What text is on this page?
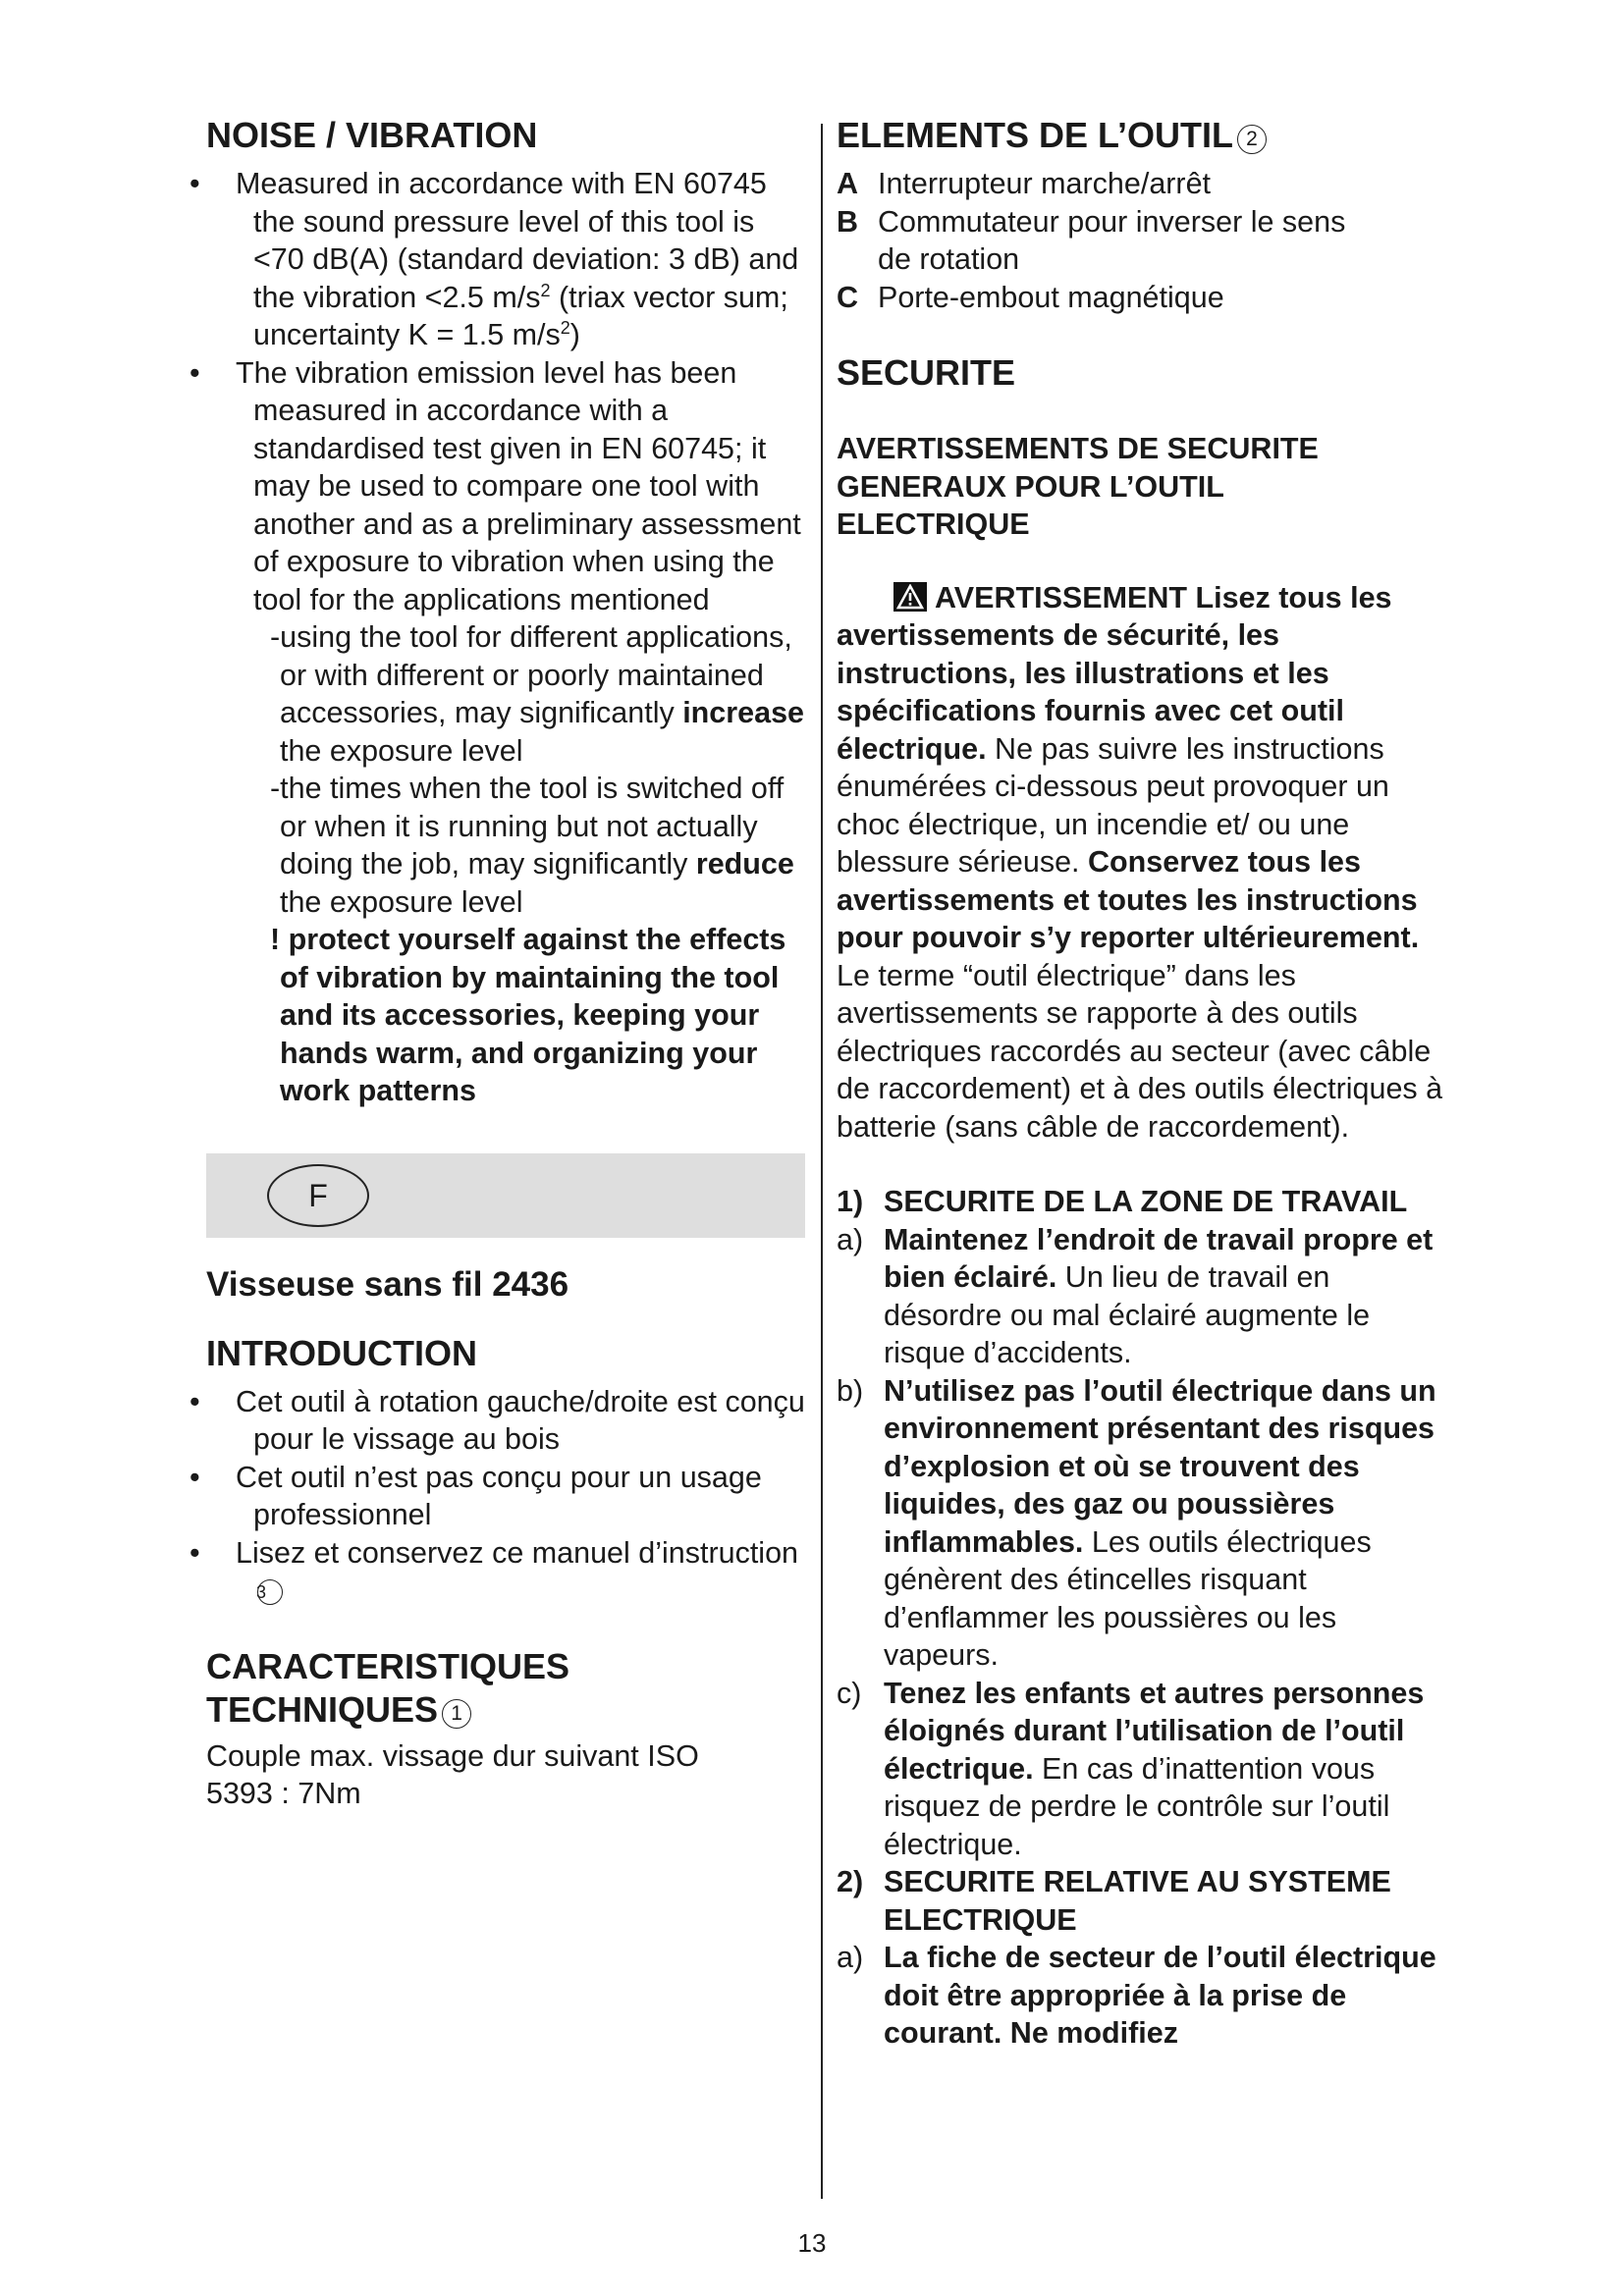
NOISE / VIBRATION

• Measured in accordance with EN 60745 the sound pressure level of this tool is <70 dB(A) (standard deviation: 3 dB) and the vibration <2.5 $m/s^2$ (triax vector sum; uncertainty K = 1.5 $m/s^2$)

• The vibration emission level has been measured in accordance with a standardised test given in EN 60745; it may be used to compare one tool with another and as a preliminary assessment of exposure to vibration when using the tool for the applications mentioned

-using the tool for different applications, or with different or poorly maintained accessories, may significantly increase the exposure level

-the times when the tool is switched off or when it is running but not actually doing the job, may significantly reduce the exposure level

! protect yourself against the effects of vibration by maintaining the tool and its accessories, keeping your hands warm, and organizing your work patterns

F

Visseuse sans fil 2436

INTRODUCTION

• Cet outil à rotation gauche/droite est conçu pour le vissage au bois

• Cet outil n’est pas conçu pour un usage professionnel

• Lisez et conservez ce manuel d’instruction3

CARACTERISTIQUES

TECHNIQUES 1

Couple max. vissage dur suivant ISO 5393 : 7Nm

ELEMENTS DE L’OUTIL 2

A Interrupteur marche/arrêt

B Commutateur pour inverser le sens de rotation

C Porte-embout magnétique

SECURITE

AVERTISSEMENTS DE SECURITE GENERAUX POUR L’OUTIL ELECTRIQUE

AVERTISSEMENT Lisez tous les avertissements de sécurité, les instructions, les illustrations et les spécifications fournis avec cet outil électrique. Ne pas suivre les instructions énumérées ci-dessous peut provoquer un choc électrique, un incendie et/ ou une blessure sérieuse. Conservez tous les avertissements et toutes les instructions pour pouvoir s’y reporter ultérieurement. Le terme “outil électrique” dans les avertissements se rapporte à des outils électriques raccordés au secteur (avec câble de raccordement) et à des outils électriques à batterie (sans câble de raccordement).

1) SECURITE DE LA ZONE DE TRAVAIL

a) Maintenez l’endroit de travail propre et bien éclairé. Un lieu de travail en désordre ou mal éclairé augmente le risque d’accidents.

b) N’utilisez pas l’outil électrique dans un environnement présentant des risques d’explosion et où se trouvent des liquides, des gaz ou poussières inflammables. Les outils électriques génèrent des étincelles risquant d’enflammer les poussières ou les vapeurs.

c) Tenez les enfants et autres personnes éloignés durant l’utilisation de l’outil électrique. En cas d’inattention vous risquez de perdre le contrôle sur l’outil électrique.

2) SECURITE RELATIVE AU SYSTEME ELECTRIQUE

a) La fiche de secteur de l’outil électrique doit être appropriée à la prise de courant. Ne modifiez

13
